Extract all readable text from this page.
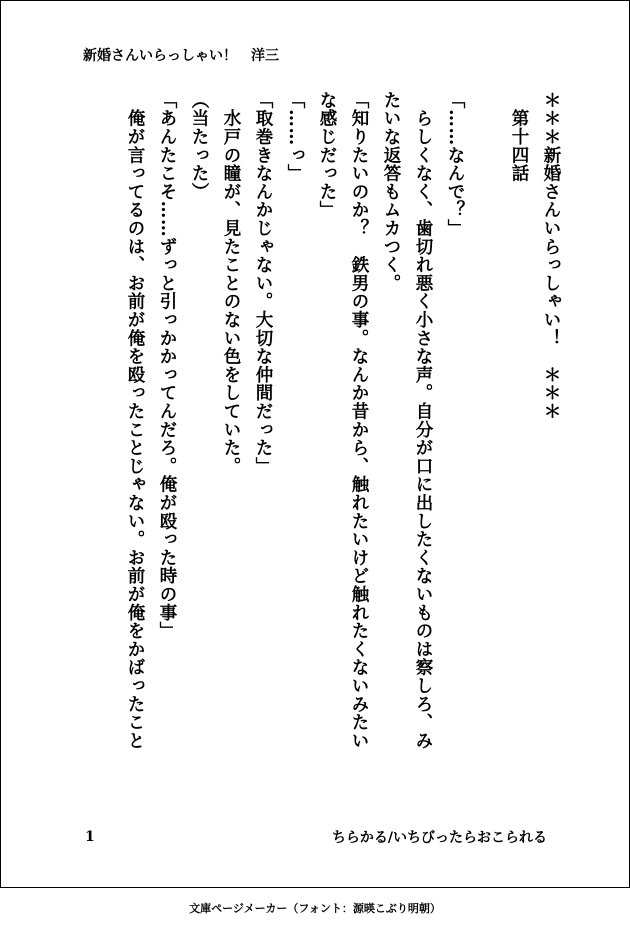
新婚さんいらっしゃい！　洋三
＊＊＊新婚さんいらっしゃい！　＊＊＊
　第十四話
「……なんで？」
　らしくなく、歯切れ悪く小さな声。自分が口に出したくないものは察しろ、み
たいな返答もムカつく。
「知りたいのか？　鉄男の事。なんか昔から、触れたいけど触れたくないみたい
な感じだった」
「……っ」
「取巻きなんかじゃない。大切な仲間だった」
　水戸の瞳が、見たことのない色をしていた。
（当たった）
「あんたこそ……ずっと引っかかってんだろ。俺が殴った時の事」
　俺が言ってるのは、お前が俺を殴ったことじゃない。お前が俺をかばったこと
1	ちらかる/いちびったらおこられる
文庫ページメーカー（フォント：源暎こぶり明朝）
